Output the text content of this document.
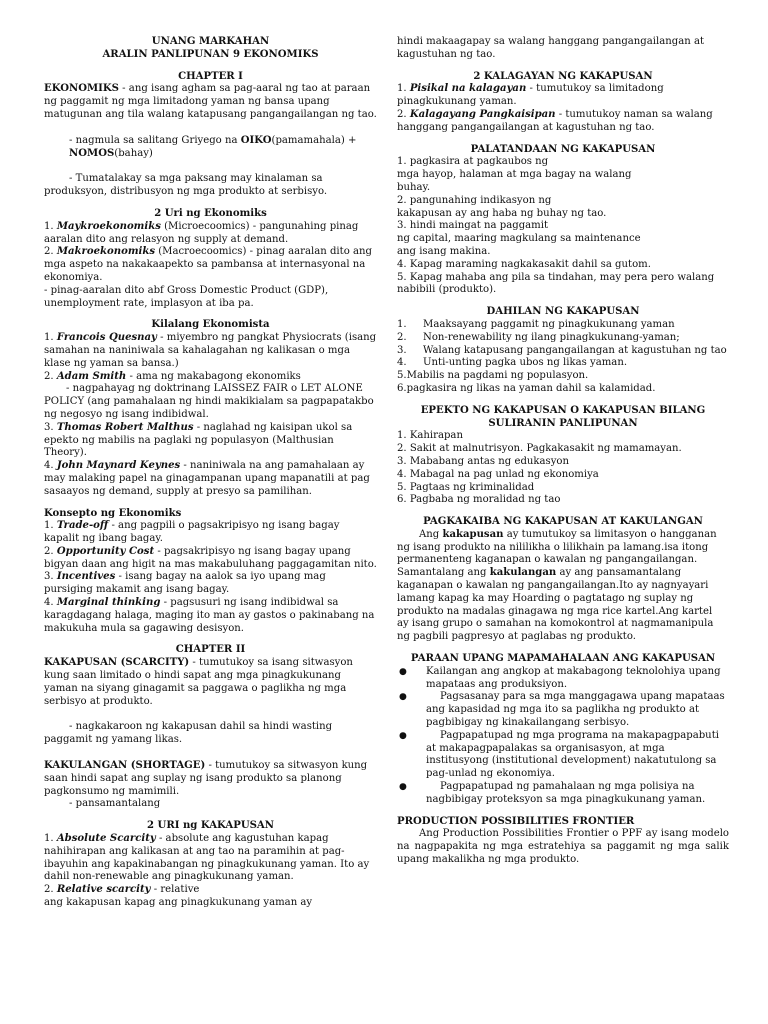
UNANG MARKAHAN
ARALIN PANLIPUNAN 9 EKONOMIKS
CHAPTER I

EKONOMIKS - ang isang agham sa pag-aaral ng tao at paraan ng paggamit ng mga limitadong yaman ng bansa upang matugunan ang tila walang katapusang pangangailangan ng tao.

- nagmula sa salitang Griyego na OIKO(pamamahala) + NOMOS(bahay)

- Tumatalakay sa mga paksang may kinalaman sa produksyon, distribusyon ng mga produkto at serbisyo.

2 Uri ng Ekonomiks

1. Maykroekonomiks (Microecoomics) - pangunahing pinag aaralan dito ang relasyon ng supply at demand.

2. Makroekonomiks (Macroecoomics) - pinag aaralan dito ang mga aspeto na nakakaapekto sa pambansa at internasyonal na ekonomiya.

- pinag-aaralan dito abf Gross Domestic Product (GDP), unemployment rate, implasyon at iba pa.

Kilalang Ekonomista

1. Francois Quesnay - miyembro ng pangkat Physiocrats (isang samahan na naniniwala sa kahalagahan ng kalikasan o mga klase ng yaman sa bansa.)

2. Adam Smith - ama ng makabagong ekonomiks

- nagpahayag ng doktrinang LAISSEZ FAIR o LET ALONE POLICY (ang pamahalaan ng hindi makikialam sa pagpapatakbo ng negosyo ng isang indibidwal.

3. Thomas Robert Malthus - naglahad ng kaisipan ukol sa epekto ng mabilis na paglaki ng populasyon (Malthusian Theory).

4. John Maynard Keynes - naniniwala na ang pamahalaan ay may malaking papel na ginagampanan upang mapanatili at pag sasaayos ng demand, supply at presyo sa pamilihan.

Konsepto ng Ekonomiks

1. Trade-off - ang pagpili o pagsakripisyo ng isang bagay kapalit ng ibang bagay.

2. Opportunity Cost - pagsakripisyo ng isang bagay upang bigyan daan ang higit na mas makabuluhang paggagamitan nito.

3. Incentives - isang bagay na aalok sa iyo upang mag pursiging makamit ang isang bagay.

4. Marginal thinking - pagsusuri ng isang indibidwal sa karagdagang halaga, maging ito man ay gastos o pakinabang na makukuha mula sa gagawing desisyon.

CHAPTER II

KAKAPUSAN (SCARCITY) - tumutukoy sa isang sitwasyon kung saan limitado o hindi sapat ang mga pinagkukunang yaman na siyang ginagamit sa paggawa o paglikha ng mga serbisyo at produkto.

- nagkakaroon ng kakapusan dahil sa hindi wasting paggamit ng yamang likas.

KAKULANGAN (SHORTAGE) - tumutukoy sa sitwasyon kung saan hindi sapat ang suplay ng isang produkto sa planong pagkonsumo ng mamimili.

- pansamantalang

2 URI ng KAKAPUSAN

1. Absolute Scarcity - absolute ang kagustuhan kapag nahihirapan ang kalikasan at ang tao na paramihin at pag-ibayuhin ang kapakinabangan ng pinagkukunang yaman. Ito ay dahil non-renewable ang pinagkukunang yaman.

2. Relative scarcity - relative

ang kakapusan kapag ang pinagkukunang yaman ay

hindi makaagapay sa walang hanggang pangangailangan at kagustuhan ng tao.

2 KALAGAYAN NG KAKAPUSAN

1. Pisikal na kalagayan - tumutukoy sa limitadong pinagkukunang yaman.

2. Kalagayang Pangkaisipan - tumutukoy naman sa walang hanggang pangangailangan at kagustuhan ng tao.

PALATANDAAN NG KAKAPUSAN

1. pagkasira at pagkaubos ng

mga hayop, halaman at mga bagay na walang

buhay.

2. pangunahing indikasyon ng

kakapusan ay ang haba ng buhay ng tao.

3. hindi maingat na paggamit

ng capital, maaring magkulang sa maintenance

ang isang makina.

4. Kapag maraming nagkakasakit dahil sa gutom.

5. Kapag mahaba ang pila sa tindahan, may pera pero walang nabibili (produkto).

DAHILAN NG KAKAPUSAN
1.	Maaksayang paggamit ng pinagkukunang yaman
2.	Non-renewability ng ilang pinagkukunang-yaman;
3.	Walang katapusang pangangailangan at kagustuhan ng tao
4.	Unti-unting pagka ubos ng likas yaman.

5.Mabilis na pagdami ng populasyon.

6.pagkasira ng likas na yaman dahil sa kalamidad.

EPEKTO NG KAKAPUSAN O KAKAPUSAN BILANG SULIRANIN PANLIPUNAN

1. Kahirapan

2. Sakit at malnutrisyon. Pagkakasakit ng mamamayan.

3. Mababang antas ng edukasyon

4. Mabagal na pag unlad ng ekonomiya

5. Pagtaas ng kriminalidad

6. Pagbaba ng moralidad ng tao

PAGKAKAIBA NG KAKAPUSAN AT KAKULANGAN

Ang kakapusan ay tumutukoy sa limitasyon o hangganan ng isang produkto na nililikha o lilikhain pa lamang.isa itong permanenteng kaganapan o kawalan ng pangangailangan. Samantalang ang kakulangan ay ang pansamantalang kaganapan o kawalan ng pangangailangan.Ito ay nagnyayari lamang kapag ka may Hoarding o pagtatago ng suplay ng produkto na madalas ginagawa ng mga rice kartel.Ang kartel

ay isang grupo o samahan na komokontrol at nagmamanipula ng pagbili pagpresyo at paglabas ng produkto.

PARAAN UPANG MAPAMAHALAAN ANG KAKAPUSAN
●	Kailangan ang angkop at makabagong teknolohiya upang mapataas ang produksiyon.
●	Pagsasanay para sa mga manggagawa upang mapataas ang kapasidad ng mga ito sa paglikha ng produkto at pagbibigay ng kinakailangang serbisyo.
●	Pagpapatupad ng mga programa na makapagpapabuti at makapagpapalakas sa organisasyon, at mga institusyong (institutional development) nakatutulong sa pag-unlad ng ekonomiya.
●	Pagpapatupad ng pamahalaan ng mga polisiya na nagbibigay proteksyon sa mga pinagkukunang yaman.
PRODUCTION POSSIBILITIES FRONTIER

Ang Production Possibilities Frontier o PPF ay isang modelo na nagpapakita ng mga estratehiya sa paggamit ng mga salik upang makalikha ng mga produkto.
